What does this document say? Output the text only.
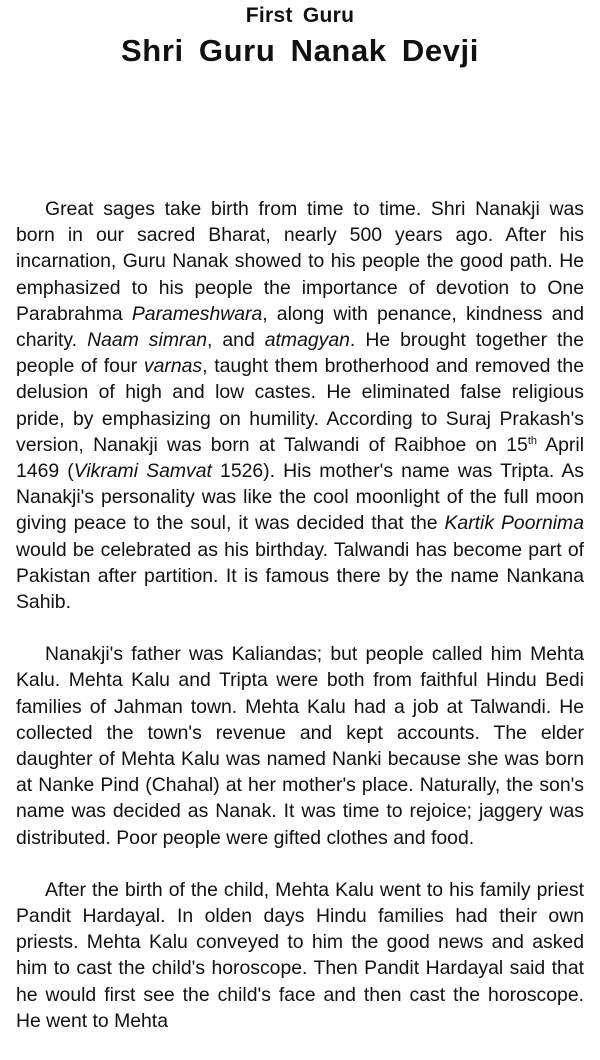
First Guru
Shri Guru Nanak Devji

Great sages take birth from time to time. Shri Nanakji was born in our sacred Bharat, nearly 500 years ago. After his incarnation, Guru Nanak showed to his people the good path. He emphasized to his people the importance of devotion to One Parabrahma Parameshwara, along with penance, kindness and charity. Naam simran, and atmagyan. He brought together the people of four varnas, taught them brotherhood and removed the delusion of high and low castes. He eliminated false religious pride, by emphasizing on humility. According to Suraj Prakash's version, Nanakji was born at Talwandi of Raibhoe on 15th April 1469 (Vikrami Samvat 1526). His mother's name was Tripta. As Nanakji's personality was like the cool moonlight of the full moon giving peace to the soul, it was decided that the Kartik Poornima would be celebrated as his birthday. Talwandi has become part of Pakistan after partition. It is famous there by the name Nankana Sahib.

Nanakji's father was Kaliandas; but people called him Mehta Kalu. Mehta Kalu and Tripta were both from faithful Hindu Bedi families of Jahman town. Mehta Kalu had a job at Talwandi. He collected the town's revenue and kept accounts. The elder daughter of Mehta Kalu was named Nanki because she was born at Nanke Pind (Chahal) at her mother's place. Naturally, the son's name was decided as Nanak. It was time to rejoice; jaggery was distributed. Poor people were gifted clothes and food.

After the birth of the child, Mehta Kalu went to his family priest Pandit Hardayal. In olden days Hindu families had their own priests. Mehta Kalu conveyed to him the good news and asked him to cast the child's horoscope. Then Pandit Hardayal said that he would first see the child's face and then cast the horoscope. He went to Mehta
